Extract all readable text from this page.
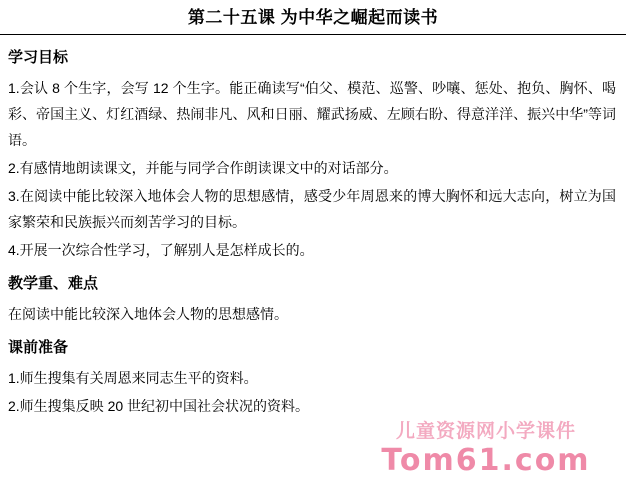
第二十五课 为中华之崛起而读书
学习目标

1.会认 8 个生字，会写 12 个生字。能正确读写“伯父、模范、巡警、吵嚷、惩处、抱负、胸怀、喝彩、帝国主义、灯红酒绿、热闹非凡、风和日丽、耀武扬威、左顾右盼、得意洋洋、振兴中华”等词语。

2.有感情地朗读课文，并能与同学合作朗读课文中的对话部分。

3.在阅读中能比较深入地体会人物的思想感情，感受少年周恩来的博大胸怀和远大志向，树立为国家繁荣和民族振兴而刻苦学习的目标。

4.开展一次综合性学习，了解别人是怎样成长的。

教学重、难点

在阅读中能比较深入地体会人物的思想感情。

课前准备

1.师生搜集有关周恩来同志生平的资料。

2.师生搜集反映 20 世纪初中国社会状况的资料。

儿童资源网小学课件
Tom61.com
